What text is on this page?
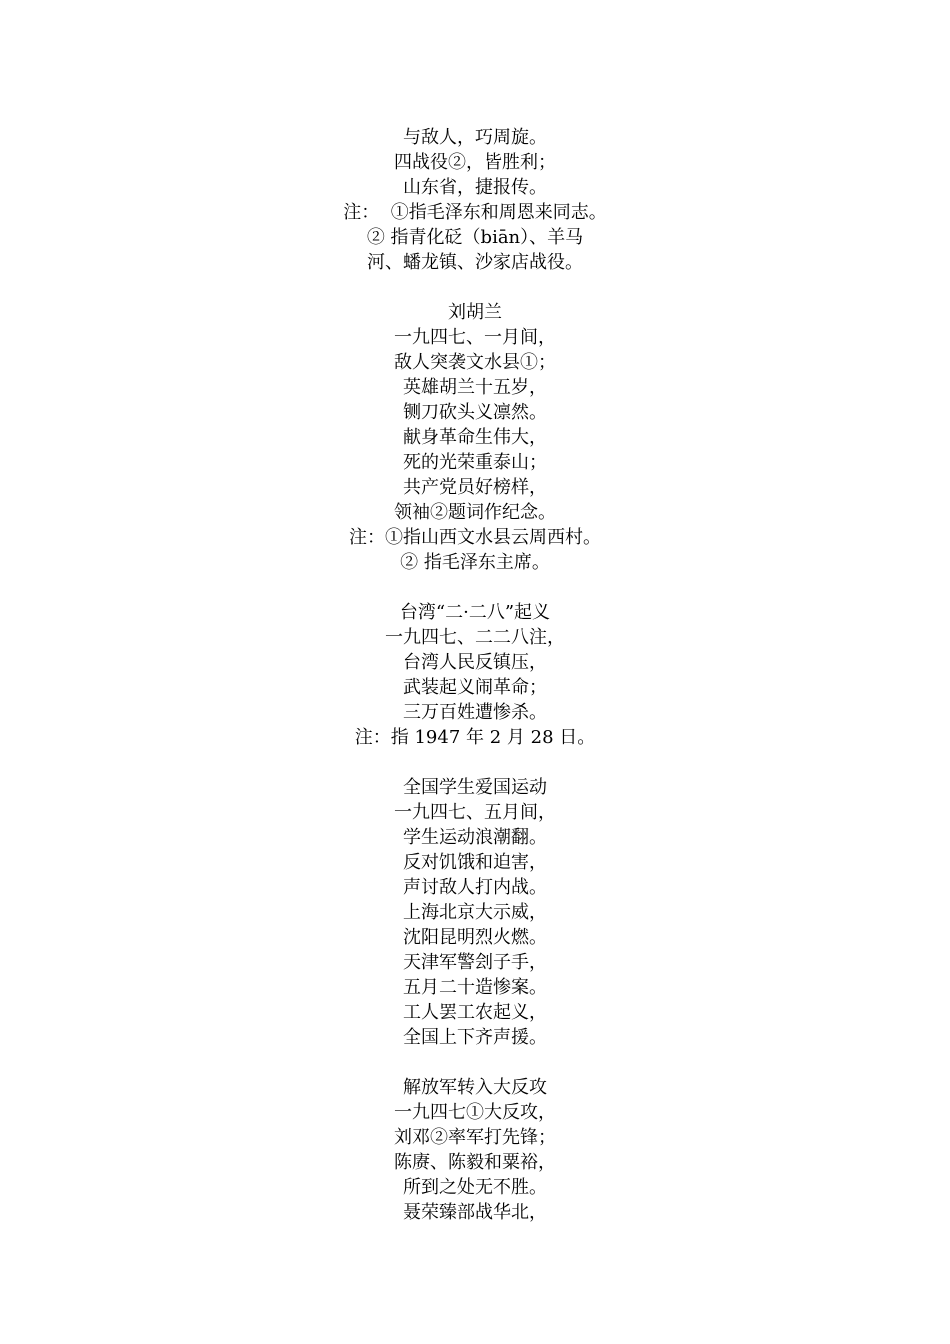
与敌人，巧周旋。
四战役②，皆胜利；
山东省，捷报传。
注：  ①指毛泽东和周恩来同志。
② 指青化砭（biān）、羊马
河、蟠龙镇、沙家店战役。
刘胡兰
一九四七、一月间，
敌人突袭文水县①；
英雄胡兰十五岁，
铡刀砍头义凛然。
献身革命生伟大，
死的光荣重泰山；
共产党员好榜样，
领袖②题词作纪念。
注：①指山西文水县云周西村。
② 指毛泽东主席。
台湾“二·二八”起义
一九四七、二二八注，
台湾人民反镇压，
武装起义闹革命；
三万百姓遭惨杀。
注：指 1947 年 2 月 28 日。
全国学生爱国运动
一九四七、五月间，
学生运动浪潮翻。
反对饥饿和迫害，
声讨敌人打内战。
上海北京大示威，
沈阳昆明烈火燃。
天津军警刽子手，
五月二十造惨案。
工人罢工农起义，
全国上下齐声援。
解放军转入大反攻
一九四七①大反攻，
刘邓②率军打先锋；
陈赓、陈毅和粟裕，
所到之处无不胜。
聂荣臻部战华北，
